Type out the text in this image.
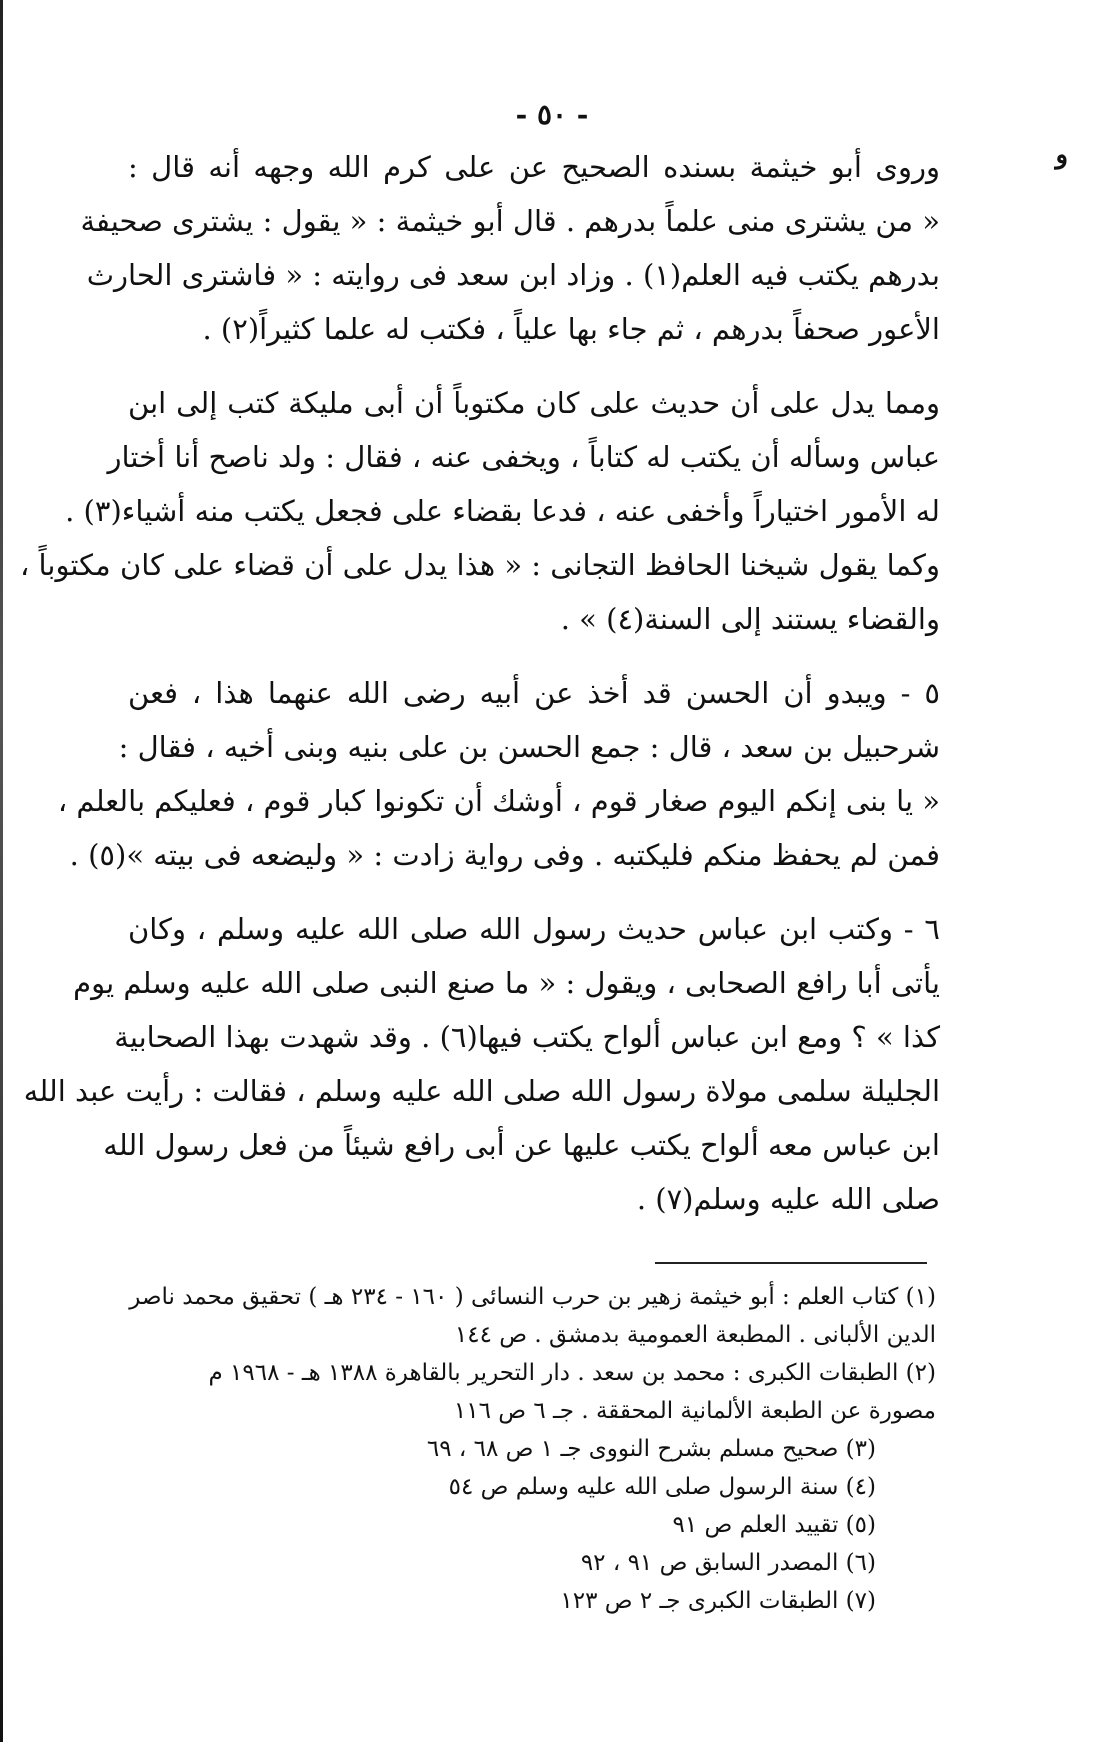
- ٥٠ -
و
وروى أبو خيثمة بسنده الصحيح عن على كرم الله وجهه أنه قال :
« من يشترى منى علماً بدرهم . قال أبو خيثمة : « يقول : يشترى صحيفة
بدرهم يكتب فيه العلم(١) . وزاد ابن سعد فى روايته : « فاشترى الحارث
الأعور صحفاً بدرهم ، ثم جاء بها علياً ، فكتب له علما كثيراً(٢) .
ومما يدل على أن حديث على كان مكتوباً أن أبى مليكة كتب إلى ابن
عباس وسأله أن يكتب له كتاباً ، ويخفى عنه ، فقال : ولد ناصح أنا أختار
له الأمور اختياراً وأخفى عنه ، فدعا بقضاء على فجعل يكتب منه أشياء(٣) .
وكما يقول شيخنا الحافظ التجانى : « هذا يدل على أن قضاء على كان مكتوباً ،
والقضاء يستند إلى السنة(٤) » .
٥ - ويبدو أن الحسن قد أخذ عن أبيه رضى الله عنهما هذا ، فعن
شرحبيل بن سعد ، قال : جمع الحسن بن على بنيه وبنى أخيه ، فقال :
« يا بنى إنكم اليوم صغار قوم ، أوشك أن تكونوا كبار قوم ، فعليكم بالعلم ،
فمن لم يحفظ منكم فليكتبه . وفى رواية زادت : « وليضعه فى بيته »(٥) .
٦ - وكتب ابن عباس حديث رسول الله صلى الله عليه وسلم ، وكان
يأتى أبا رافع الصحابى ، ويقول : « ما صنع النبى صلى الله عليه وسلم يوم
كذا » ؟ ومع ابن عباس ألواح يكتب فيها(٦) . وقد شهدت بهذا الصحابية
الجليلة سلمى مولاة رسول الله صلى الله عليه وسلم ، فقالت : رأيت عبد الله
ابن عباس معه ألواح يكتب عليها عن أبى رافع شيئاً من فعل رسول الله
صلى الله عليه وسلم(٧) .
(١) كتاب العلم : أبو خيثمة زهير بن حرب النسائى ( ١٦٠ - ٢٣٤ هـ ) تحقيق محمد ناصر
الدين الألبانى . المطبعة العمومية بدمشق . ص ١٤٤
(٢) الطبقات الكبرى : محمد بن سعد . دار التحرير بالقاهرة ١٣٨٨ هـ - ١٩٦٨ م
مصورة عن الطبعة الألمانية المحققة . جـ ٦ ص ١١٦
(٣) صحيح مسلم بشرح النووى جـ ١ ص ٦٨ ، ٦٩
(٤) سنة الرسول صلى الله عليه وسلم ص ٥٤
(٥) تقييد العلم ص ٩١
(٦) المصدر السابق ص ٩١ ، ٩٢
(٧) الطبقات الكبرى جـ ٢ ص ١٢٣
